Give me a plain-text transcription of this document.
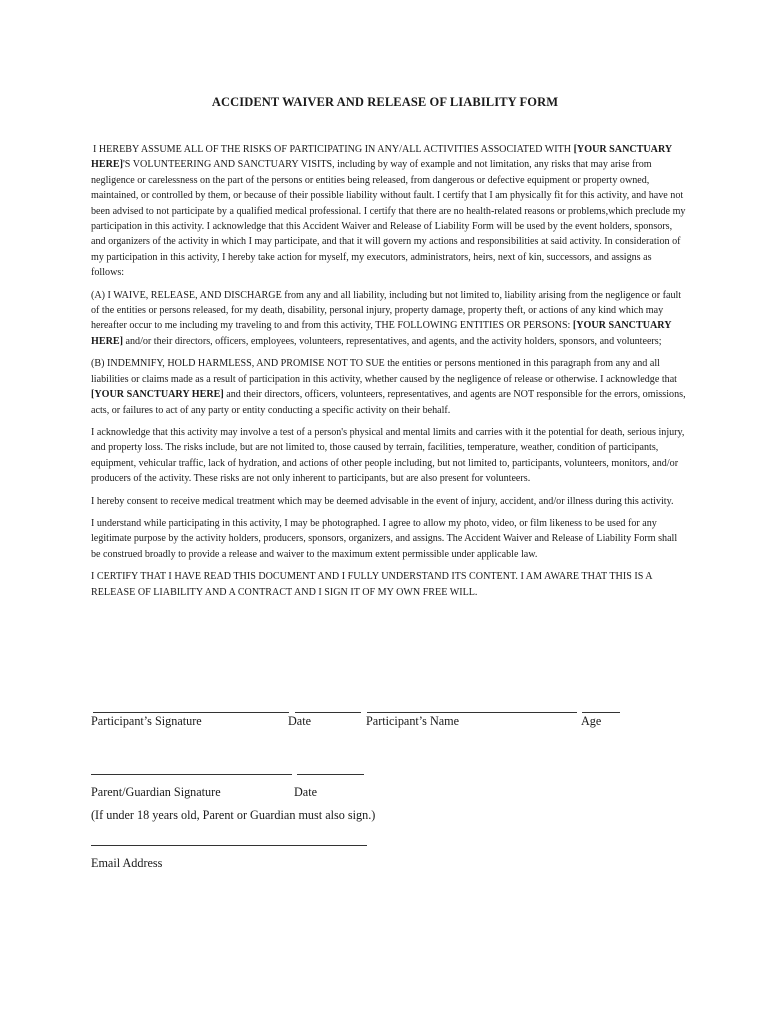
ACCIDENT WAIVER AND RELEASE OF LIABILITY FORM

I HEREBY ASSUME ALL OF THE RISKS OF PARTICIPATING IN ANY/ALL ACTIVITIES ASSOCIATED WITH [YOUR SANCTUARY HERE]'S VOLUNTEERING AND SANCTUARY VISITS, including by way of example and not limitation, any risks that may arise from negligence or carelessness on the part of the persons or entities being released, from dangerous or defective equipment or property owned, maintained, or controlled by them, or because of their possible liability without fault. I certify that I am physically fit for this activity, and have not been advised to not participate by a qualified medical professional. I certify that there are no health-related reasons or problems,which preclude my participation in this activity. I acknowledge that this Accident Waiver and Release of Liability Form will be used by the event holders, sponsors, and organizers of the activity in which I may participate, and that it will govern my actions and responsibilities at said activity. In consideration of my participation in this activity, I hereby take action for myself, my executors, administrators, heirs, next of kin, successors, and assigns as follows:

(A) I WAIVE, RELEASE, AND DISCHARGE from any and all liability, including but not limited to, liability arising from the negligence or fault of the entities or persons released, for my death, disability, personal injury, property damage, property theft, or actions of any kind which may hereafter occur to me including my traveling to and from this activity, THE FOLLOWING ENTITIES OR PERSONS: [YOUR SANCTUARY HERE] and/or their directors, officers, employees, volunteers, representatives, and agents, and the activity holders, sponsors, and volunteers;

(B) INDEMNIFY, HOLD HARMLESS, AND PROMISE NOT TO SUE the entities or persons mentioned in this paragraph from any and all liabilities or claims made as a result of participation in this activity, whether caused by the negligence of release or otherwise. I acknowledge that [YOUR SANCTUARY HERE] and their directors, officers, volunteers, representatives, and agents are NOT responsible for the errors, omissions, acts, or failures to act of any party or entity conducting a specific activity on their behalf.

I acknowledge that this activity may involve a test of a person's physical and mental limits and carries with it the potential for death, serious injury, and property loss. The risks include, but are not limited to, those caused by terrain, facilities, temperature, weather, condition of participants, equipment, vehicular traffic, lack of hydration, and actions of other people including, but not limited to, participants, volunteers, monitors, and/or producers of the activity. These risks are not only inherent to participants, but are also present for volunteers.

I hereby consent to receive medical treatment which may be deemed advisable in the event of injury, accident, and/or illness during this activity.

I understand while participating in this activity, I may be photographed. I agree to allow my photo, video, or film likeness to be used for any legitimate purpose by the activity holders, producers, sponsors, organizers, and assigns. The Accident Waiver and Release of Liability Form shall be construed broadly to provide a release and waiver to the maximum extent permissible under applicable law.

I CERTIFY THAT I HAVE READ THIS DOCUMENT AND I FULLY UNDERSTAND ITS CONTENT. I AM AWARE THAT THIS IS A RELEASE OF LIABILITY AND A CONTRACT AND I SIGN IT OF MY OWN FREE WILL.

Participant’s Signature	Date	Participant’s Name	Age
Parent/Guardian Signature	Date
(If under 18 years old, Parent or Guardian must also sign.)
Email Address
